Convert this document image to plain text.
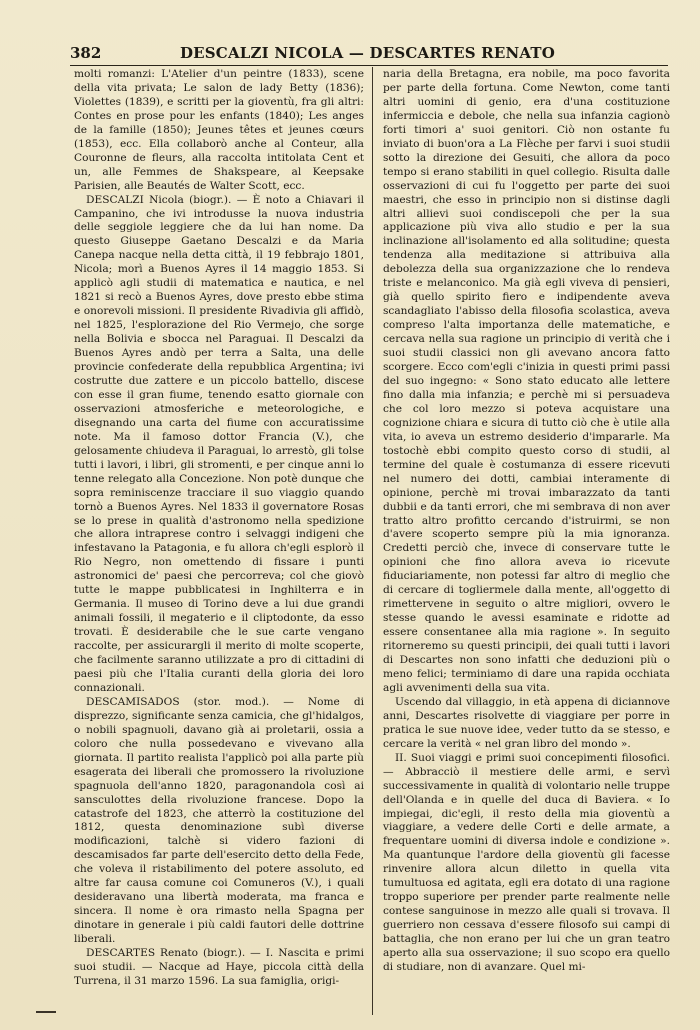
382	DESCALZI NICOLA — DESCARTES RENATO

molti romanzi: L'Atelier d'un peintre (1833), scene della vita privata; Le salon de lady Betty (1836); Violettes (1839), e scritti per la gioventù, fra gli altri: Contes en prose pour les enfants (1840); Les anges de la famille (1850); Jeunes têtes et jeunes cœurs (1853), ecc. Ella collaborò anche al Conteur, alla Couronne de fleurs, alla raccolta intitolata Cent et un, alle Femmes de Shakspeare, al Keepsake Parisien, alle Beautés de Walter Scott, ecc.

DESCALZI Nicola (biogr.). — È noto a Chiavari il Campanino, che ivi introdusse la nuova industria delle seggiole leggiere che da lui han nome. Da questo Giuseppe Gaetano Descalzi e da Maria Canepa nacque nella detta città, il 19 febbrajo 1801, Nicola; morì a Buenos Ayres il 14 maggio 1853. Si applicò agli studii di matematica e nautica, e nel 1821 si recò a Buenos Ayres, dove presto ebbe stima e onorevoli missioni. Il presidente Rivadivia gli affidò, nel 1825, l'esplorazione del Rio Vermejo, che sorge nella Bolivia e sbocca nel Paraguai. Il Descalzi da Buenos Ayres andò per terra a Salta, una delle provincie confederate della repubblica Argentina; ivi costrutte due zattere e un piccolo battello, discese con esse il gran fiume, tenendo esatto giornale con osservazioni atmosferiche e meteorologiche, e disegnando una carta del fiume con accuratissime note. Ma il famoso dottor Francia (V.), che gelosamente chiudeva il Paraguai, lo arrestò, gli tolse tutti i lavori, i libri, gli stromenti, e per cinque anni lo tenne relegato alla Concezione. Non potè dunque che sopra reminiscenze tracciare il suo viaggio quando tornò a Buenos Ayres. Nel 1833 il governatore Rosas se lo prese in qualità d'astronomo nella spedizione che allora intraprese contro i selvaggi indigeni che infestavano la Patagonia, e fu allora ch'egli esplorò il Rio Negro, non omettendo di fissare i punti astronomici de' paesi che percorreva; col che giovò tutte le mappe pubblicatesi in Inghilterra e in Germania. Il museo di Torino deve a lui due grandi animali fossili, il megaterio e il cliptodonte, da esso trovati. È desiderabile che le sue carte vengano raccolte, per assicurargli il merito di molte scoperte, che facilmente saranno utilizzate a pro di cittadini di paesi più che l'Italia curanti della gloria dei loro connazionali.

DESCAMISADOS (stor. mod.). — Nome di disprezzo, significante senza camicia, che gl'hidalgos, o nobili spagnuoli, davano già ai proletarii, ossia a coloro che nulla possedevano e vivevano alla giornata. Il partito realista l'applicò poi alla parte più esagerata dei liberali che promossero la rivoluzione spagnuola dell'anno 1820, paragonandola così ai sansculottes della rivoluzione francese. Dopo la catastrofe del 1823, che atterrò la costituzione del 1812, questa denominazione subì diverse modificazioni, talchè si videro fazioni di descamisados far parte dell'esercito detto della Fede, che voleva il ristabilimento del potere assoluto, ed altre far causa comune coi Comuneros (V.), i quali desideravano una libertà moderata, ma franca e sincera. Il nome è ora rimasto nella Spagna per dinotare in generale i più caldi fautori delle dottrine liberali.

DESCARTES Renato (biogr.). — I. Nascita e primi suoi studii. — Nacque ad Haye, piccola città della Turrena, il 31 marzo 1596. La sua famiglia, origi-

naria della Bretagna, era nobile, ma poco favorita per parte della fortuna. Come Newton, come tanti altri uomini di genio, era d'una costituzione infermiccia e debole, che nella sua infanzia cagionò forti timori a' suoi genitori. Ciò non ostante fu inviato di buon'ora a La Flèche per farvi i suoi studii sotto la direzione dei Gesuiti, che allora da poco tempo si erano stabiliti in quel collegio. Risulta dalle osservazioni di cui fu l'oggetto per parte dei suoi maestri, che esso in principio non si distinse dagli altri allievi suoi condiscepoli che per la sua applicazione più viva allo studio e per la sua inclinazione all'isolamento ed alla solitudine; questa tendenza alla meditazione si attribuiva alla debolezza della sua organizzazione che lo rendeva triste e melanconico. Ma già egli viveva di pensieri, già quello spirito fiero e indipendente aveva scandagliato l'abisso della filosofia scolastica, aveva compreso l'alta importanza delle matematiche, e cercava nella sua ragione un principio di verità che i suoi studii classici non gli avevano ancora fatto scorgere. Ecco com'egli c'inizia in questi primi passi del suo ingegno: « Sono stato educato alle lettere fino dalla mia infanzia; e perchè mi si persuadeva che col loro mezzo si poteva acquistare una cognizione chiara e sicura di tutto ciò che è utile alla vita, io aveva un estremo desiderio d'impararle. Ma tostochè ebbi compito questo corso di studii, al termine del quale è costumanza di essere ricevuti nel numero dei dotti, cambiai interamente di opinione, perchè mi trovai imbarazzato da tanti dubbii e da tanti errori, che mi sembrava di non aver tratto altro profitto cercando d'istruirmi, se non d'avere scoperto sempre più la mia ignoranza. Credetti perciò che, invece di conservare tutte le opinioni che fino allora aveva io ricevute fiduciariamente, non potessi far altro di meglio che di cercare di togliermele dalla mente, all'oggetto di rimettervene in seguito o altre migliori, ovvero le stesse quando le avessi esaminate e ridotte ad essere consentanee alla mia ragione ». In seguito ritorneremo su questi principii, dei quali tutti i lavori di Descartes non sono infatti che deduzioni più o meno felici; terminiamo di dare una rapida occhiata agli avvenimenti della sua vita.

Uscendo dal villaggio, in età appena di diciannove anni, Descartes risolvette di viaggiare per porre in pratica le sue nuove idee, veder tutto da se stesso, e cercare la verità « nel gran libro del mondo ».

II. Suoi viaggi e primi suoi concepimenti filosofici. — Abbracciò il mestiere delle armi, e servì successivamente in qualità di volontario nelle truppe dell'Olanda e in quelle del duca di Baviera. « Io impiegai, dic'egli, il resto della mia gioventù a viaggiare, a vedere delle Corti e delle armate, a frequentare uomini di diversa indole e condizione ». Ma quantunque l'ardore della gioventù gli facesse rinvenire allora alcun diletto in quella vita tumultuosa ed agitata, egli era dotato di una ragione troppo superiore per prender parte realmente nelle contese sanguinose in mezzo alle quali si trovava. Il guerriero non cessava d'essere filosofo sui campi di battaglia, che non erano per lui che un gran teatro aperto alla sua osservazione; il suo scopo era quello di studiare, non di avanzare. Quel mi-
